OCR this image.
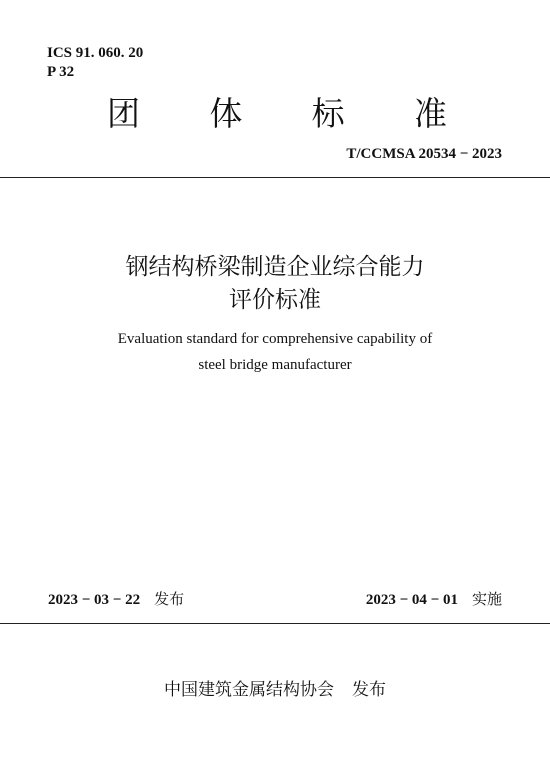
ICS 91. 060. 20
P 32
团 体 标 准
T/CCMSA 20534 − 2023
钢结构桥梁制造企业综合能力
评价标准
Evaluation standard for comprehensive capability of
steel bridge manufacturer
2023 − 03 − 22 发布	2023 − 04 − 01 实施
中国建筑金属结构协会 发布
